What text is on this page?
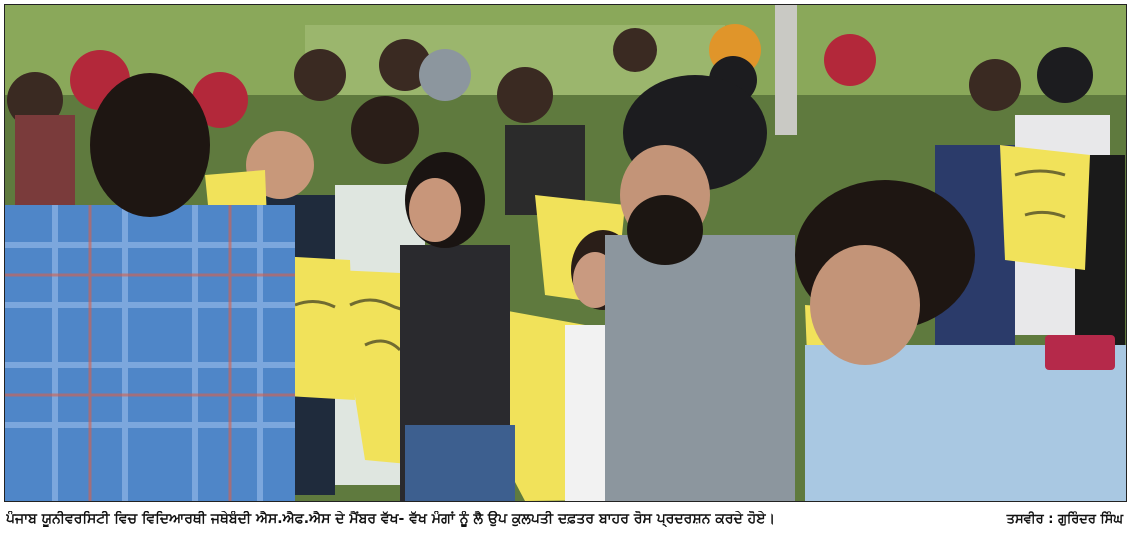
ਪੰਜਾਬ ਯੂਨੀਵਰਸਿਟੀ ਵਿਚ ਵਿਦਿਆਰਥੀ ਜਥੇਬੰਦੀ ਐਸ.ਐਫ.ਐਸ ਦੇ ਮੈਂਬਰ ਵੱਖ- ਵੱਖ ਮੰਗਾਂ ਨੂੰ ਲੈ ਉਪ ਕੁਲਪਤੀ ਦਫ਼ਤਰ ਬਾਹਰ ਰੋਸ ਪ੍ਰਦਰਸ਼ਨ ਕਰਦੇ ਹੋਏ।	ਤਸਵੀਰ : ਗੁਰਿੰਦਰ ਸਿੰਘ
